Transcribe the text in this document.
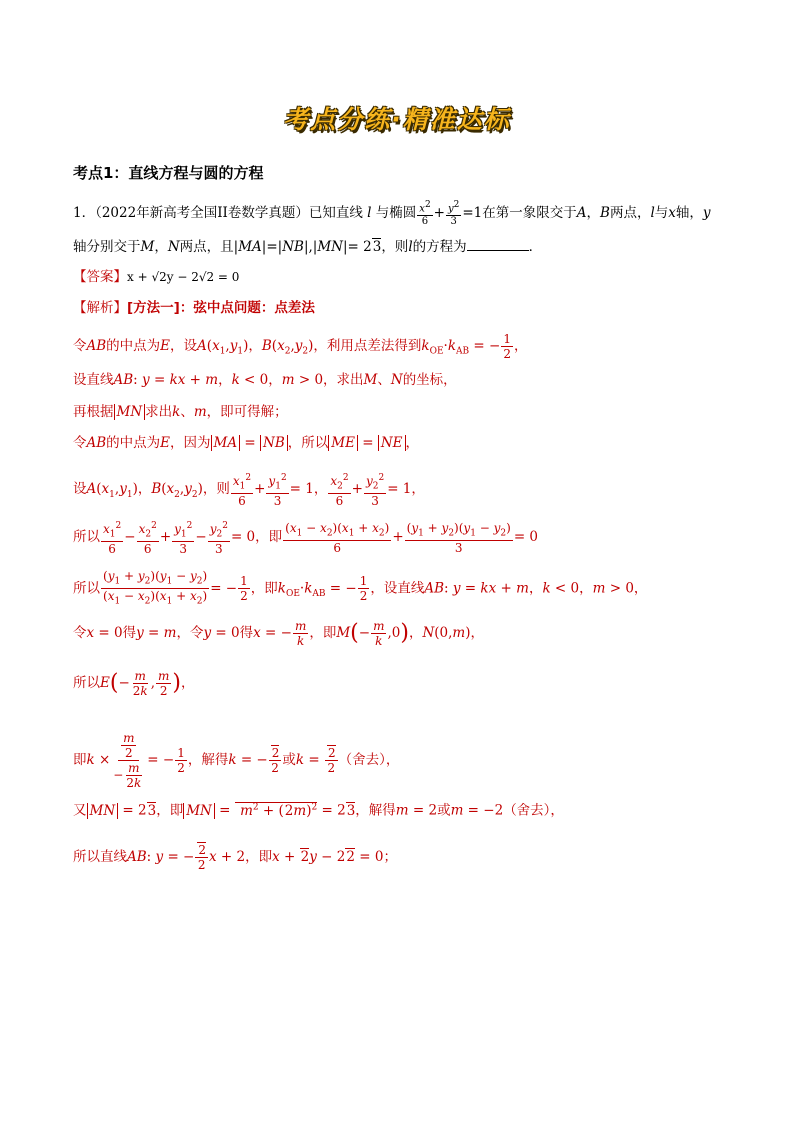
考点分练·精准达标
考点1：直线方程与圆的方程
1．（2022年新高考全国II卷数学真题）已知直线 l 与椭圆 $\frac{x^2}{6} + \frac{y^2}{3} =1$在第一象限交于A，B两点，l与x轴，y
轴分别交于M，N两点，且|MA|=|NB|,|MN|= 23，则l的方程为	．
【答案】x + √2y − 2√2 = 0
【解析】[方法一]：弦中点问题：点差法
令AB的中点为E，设$A(x_1,y_1)$，$B(x_2,y_2)$，利用点差法得到$k_{OE}\cdot k_{AB}$ = − $\frac{1}{2}$ ，
设直线AB: y = kx + m，k < 0，m > 0，求出M、N的坐标，
再根据 MN 求出k、m，即可得解；
令AB的中点为E，因为 MA = NB ，所以 ME = NE ，
设$A(x_1,y_1)$，$B(x_2,y_2)$，则 $\frac{x_1^2}{6} + \frac{y_1^2}{3} = 1$， $\frac{x_2^2}{6} + \frac{y_2^2}{3} = 1$，
所以 $\frac{x_1^2}{6} - \frac{x_2^2}{6} + \frac{y_1^2}{3} - \frac{y_2^2}{3} = 0$，即 $\frac{(x_1 - x_2)(x_1 + x_2)}{6} + \frac{(y_1 + y_2)(y_1 - y_2)}{3} = 0$
所以 $\frac{(y_1 + y_2)(y_1 - y_2)}{(x_1 - x_2)(x_1 + x_2)}$ = − $\frac{1}{2}$ ，即$k_{OE}\cdot k_{AB}$ = − $\frac{1}{2}$ ，设直线AB: y = kx + m，k < 0，m > 0，
令x = 0得y = m，令y = 0得x = − $\frac{m}{k}$ ，即$M(- \frac{m}{k} ,0)$，N(0,m)，
所以$E(- \frac{m}{2k}$ , $\frac{m}{2}$ )，
即$k \times \frac{\frac{m}{2}}{- \frac{m}{2k}}$ = − $\frac{1}{2}$ ，解得k = − $\frac{2}{2}$ 或$k = \frac{2}{2}$ （舍去），
又 MN = 23，即 MN =  $m^2 + (2m)^2 = 23$，解得m = 2或m = −2（舍去），
所以直线AB: y = − $\frac{2}{2}$ x + 2，即x + 2y − 22 = 0；
